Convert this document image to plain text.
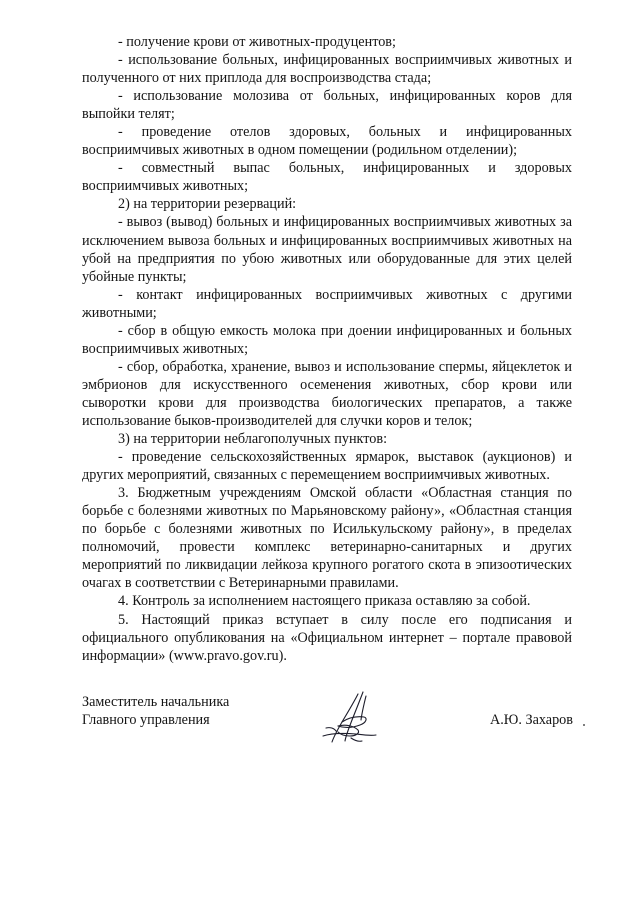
- получение крови от животных-продуцентов;

- использование больных, инфицированных восприимчивых животных и полученного от них приплода для воспроизводства стада;

- использование молозива от больных, инфицированных коров для выпойки телят;

- проведение отелов здоровых, больных и инфицированных восприимчивых животных в одном помещении (родильном отделении);

- совместный выпас больных, инфицированных и здоровых восприимчивых животных;

2) на территории резерваций:

- вывоз (вывод) больных и инфицированных восприимчивых животных за исключением вывоза больных и инфицированных восприимчивых животных на убой на предприятия по убою животных или оборудованные для этих целей убойные пункты;

- контакт инфицированных восприимчивых животных с другими животными;

- сбор в общую емкость молока при доении инфицированных и больных восприимчивых животных;

- сбор, обработка, хранение, вывоз и использование спермы, яйцеклеток и эмбрионов для искусственного осеменения животных, сбор крови или сыворотки крови для производства биологических препаратов, а также использование быков-производителей для случки коров и телок;

3) на территории неблагополучных пунктов:

- проведение сельскохозяйственных ярмарок, выставок (аукционов) и других мероприятий, связанных с перемещением восприимчивых животных.

3. Бюджетным учреждениям Омской области «Областная станция по борьбе с болезнями животных по Марьяновскому району», «Областная станция по борьбе с болезнями животных по Исилькульскому району», в пределах полномочий, провести комплекс ветеринарно-санитарных и других мероприятий по ликвидации лейкоза крупного рогатого скота в эпизоотических очагах в соответствии с Ветеринарными правилами.

4. Контроль за исполнением настоящего приказа оставляю за собой.

5. Настоящий приказ вступает в силу после его подписания и официального опубликования на «Официальном интернет – портале правовой информации» (www.pravo.gov.ru).

Заместитель начальника
Главного управления	А.Ю. Захаров
